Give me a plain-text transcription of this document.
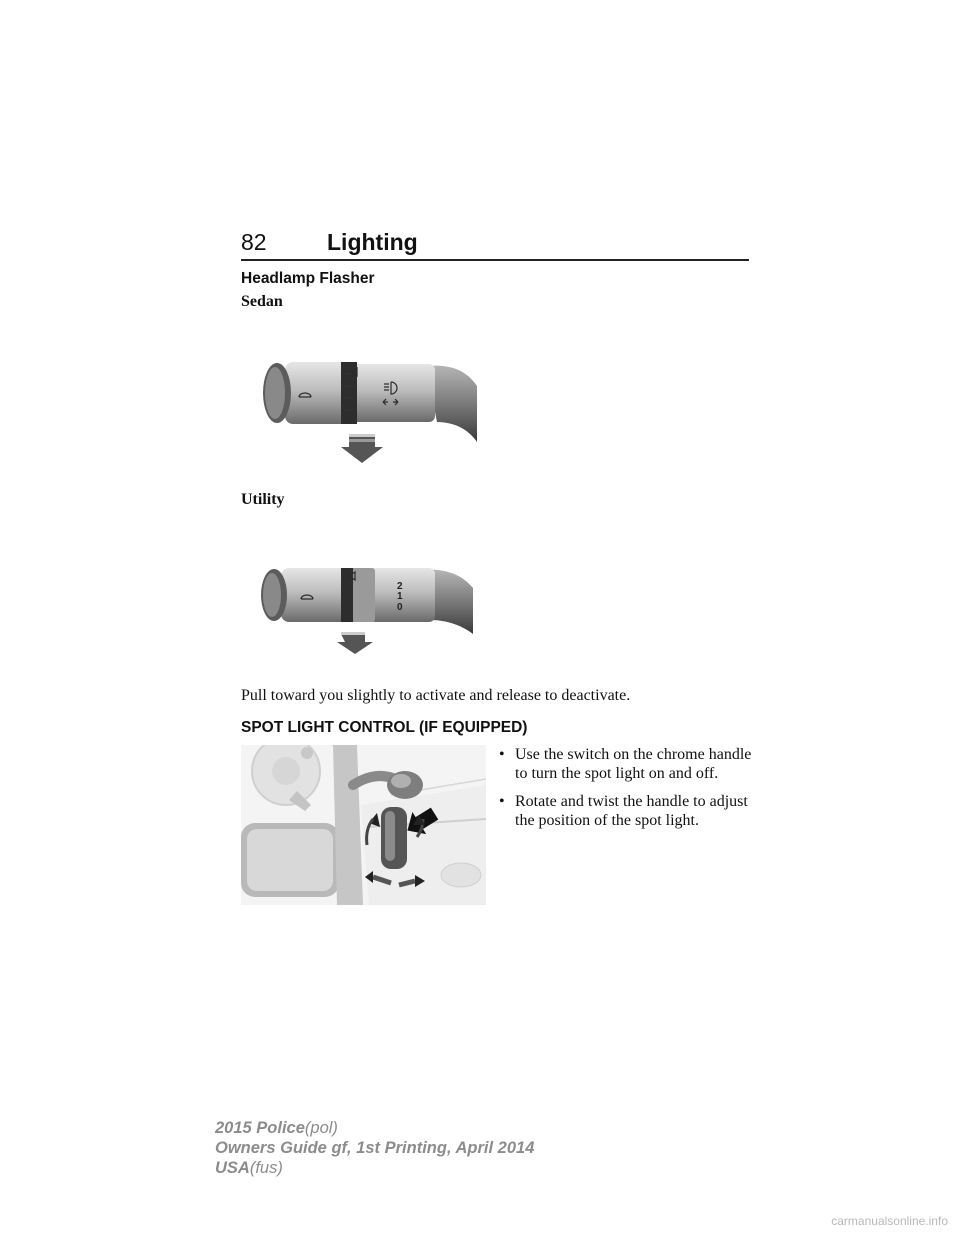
82	Lighting
Headlamp Flasher
Sedan
Utility
2
1
0
Pull toward you slightly to activate and release to deactivate.
SPOT LIGHT CONTROL (IF EQUIPPED)
• Use the switch on the chrome handle to turn the spot light on and off.
• Rotate and twist the handle to adjust the position of the spot light.
2015 Police(pol)
Owners Guide gf, 1st Printing, April 2014
USA(fus)
carmanualsonline.info
